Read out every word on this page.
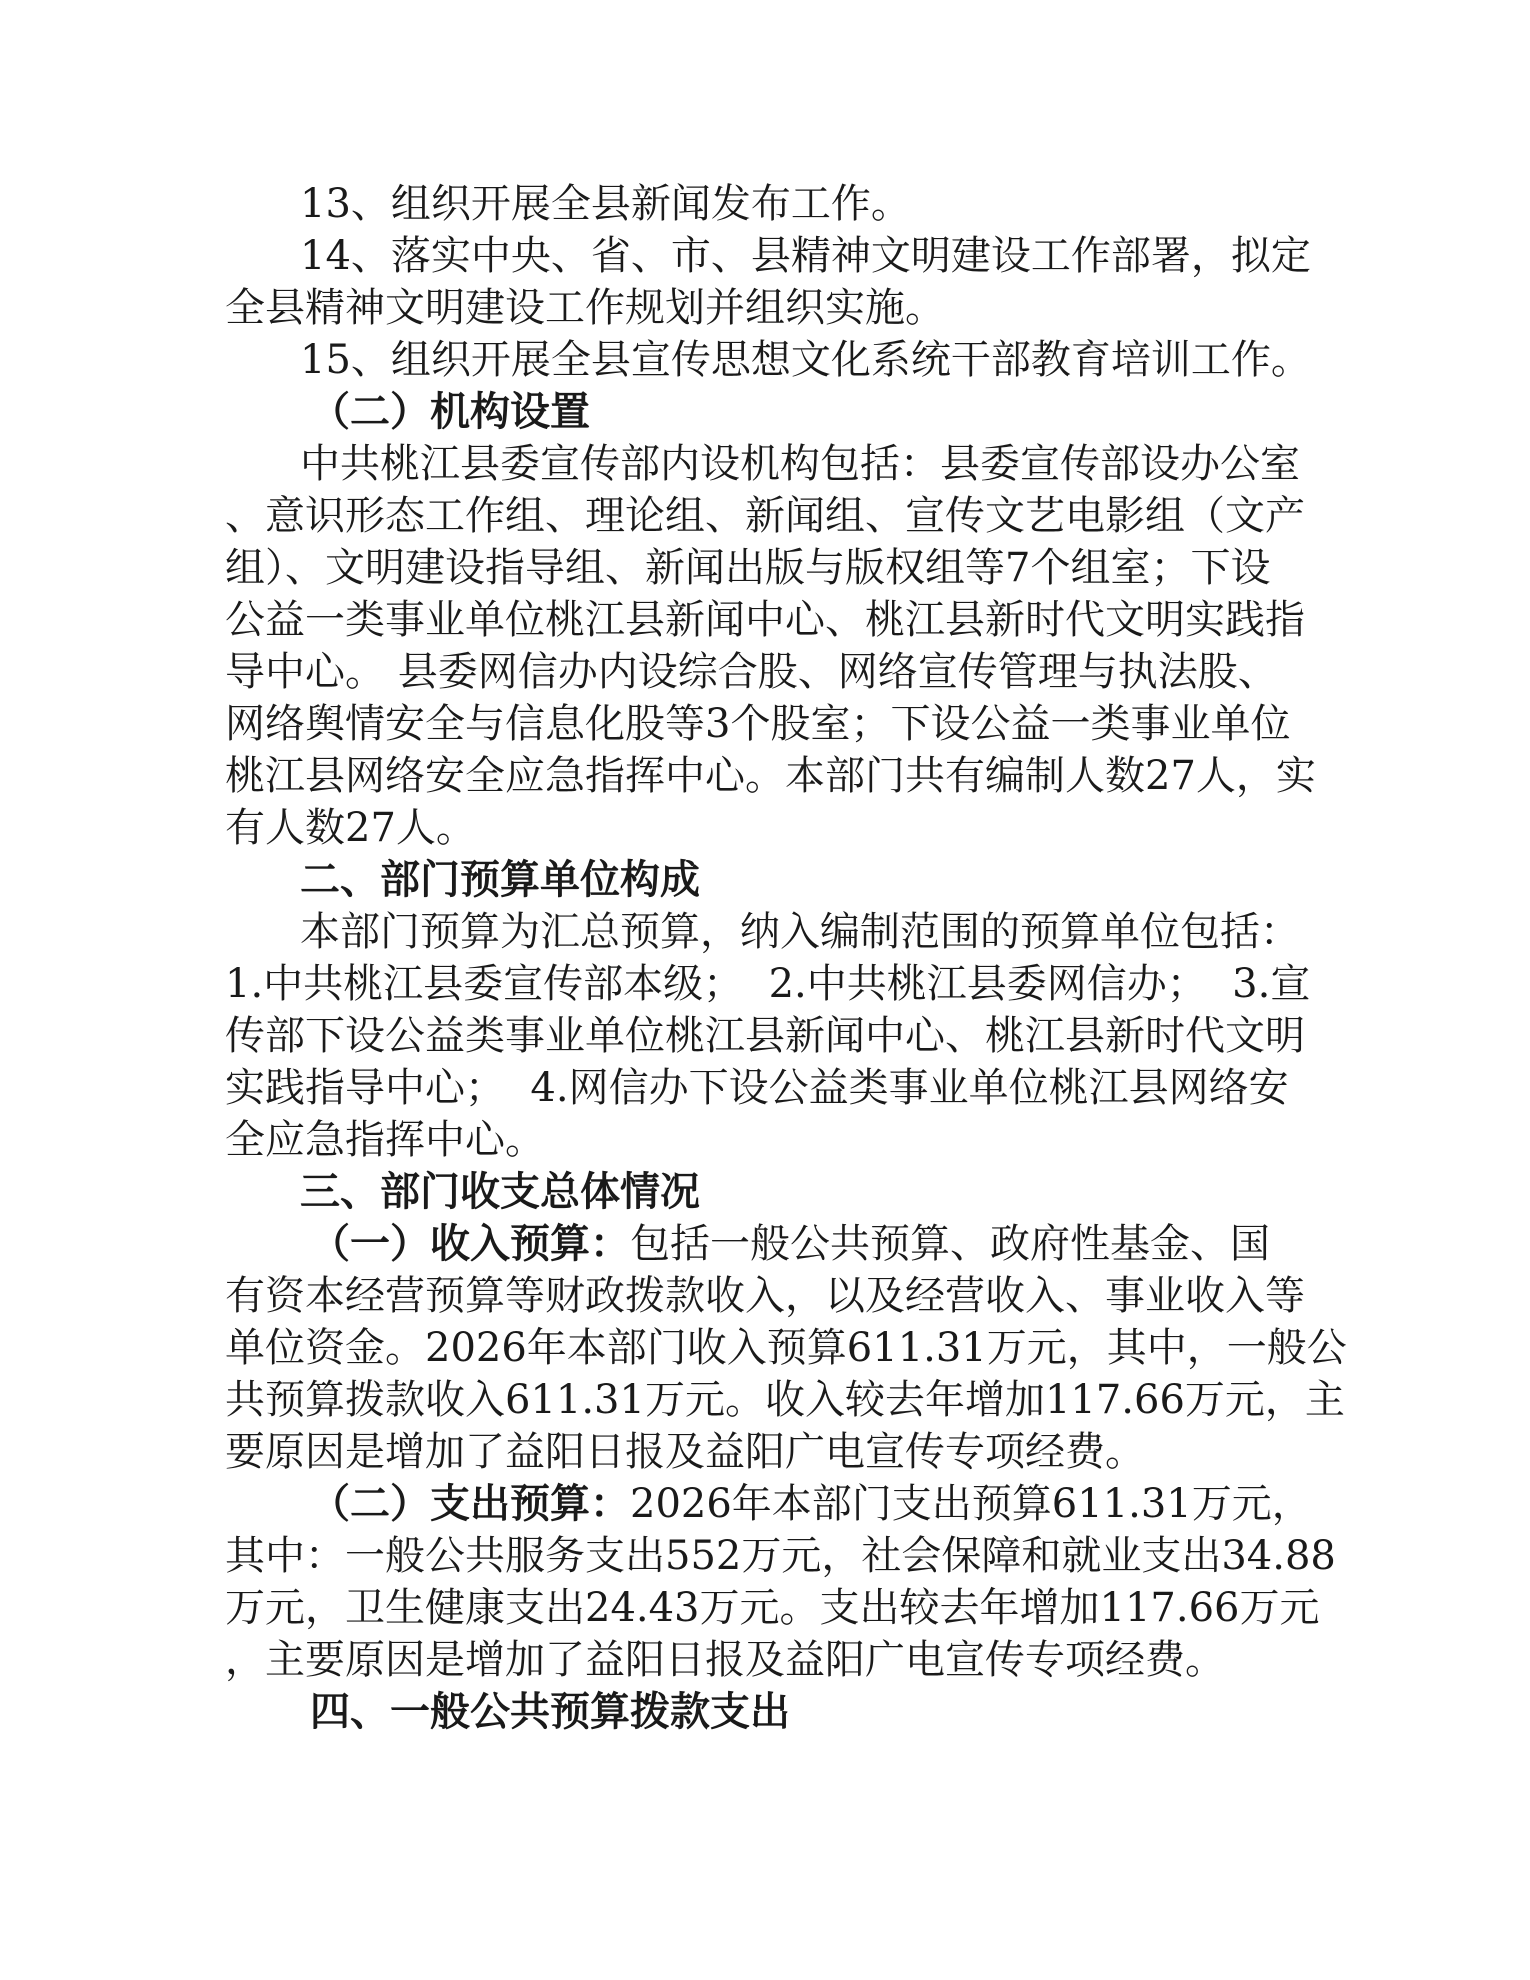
13、组织开展全县新闻发布工作。
14、落实中央、省、市、县精神文明建设工作部署，拟定
全县精神文明建设工作规划并组织实施。
15、组织开展全县宣传思想文化系统干部教育培训工作。
（二）机构设置
中共桃江县委宣传部内设机构包括：县委宣传部设办公室
、意识形态工作组、理论组、新闻组、宣传文艺电影组（文产
组）、文明建设指导组、新闻出版与版权组等7个组室；下设
公益一类事业单位桃江县新闻中心、桃江县新时代文明实践指
导中心。 县委网信办内设综合股、网络宣传管理与执法股、
网络舆情安全与信息化股等3个股室；下设公益一类事业单位
桃江县网络安全应急指挥中心。本部门共有编制人数27人，实
有人数27人。
二、部门预算单位构成
本部门预算为汇总预算，纳入编制范围的预算单位包括：
1.中共桃江县委宣传部本级；  2.中共桃江县委网信办；  3.宣
传部下设公益类事业单位桃江县新闻中心、桃江县新时代文明
实践指导中心；  4.网信办下设公益类事业单位桃江县网络安
全应急指挥中心。
三、部门收支总体情况
（一）收入预算：包括一般公共预算、政府性基金、国
有资本经营预算等财政拨款收入，以及经营收入、事业收入等
单位资金。2026年本部门收入预算611.31万元，其中，一般公
共预算拨款收入611.31万元。收入较去年增加117.66万元，主
要原因是增加了益阳日报及益阳广电宣传专项经费。
（二）支出预算：2026年本部门支出预算611.31万元，
其中：一般公共服务支出552万元，社会保障和就业支出34.88
万元，卫生健康支出24.43万元。支出较去年增加117.66万元
，主要原因是增加了益阳日报及益阳广电宣传专项经费。
四、一般公共预算拨款支出
